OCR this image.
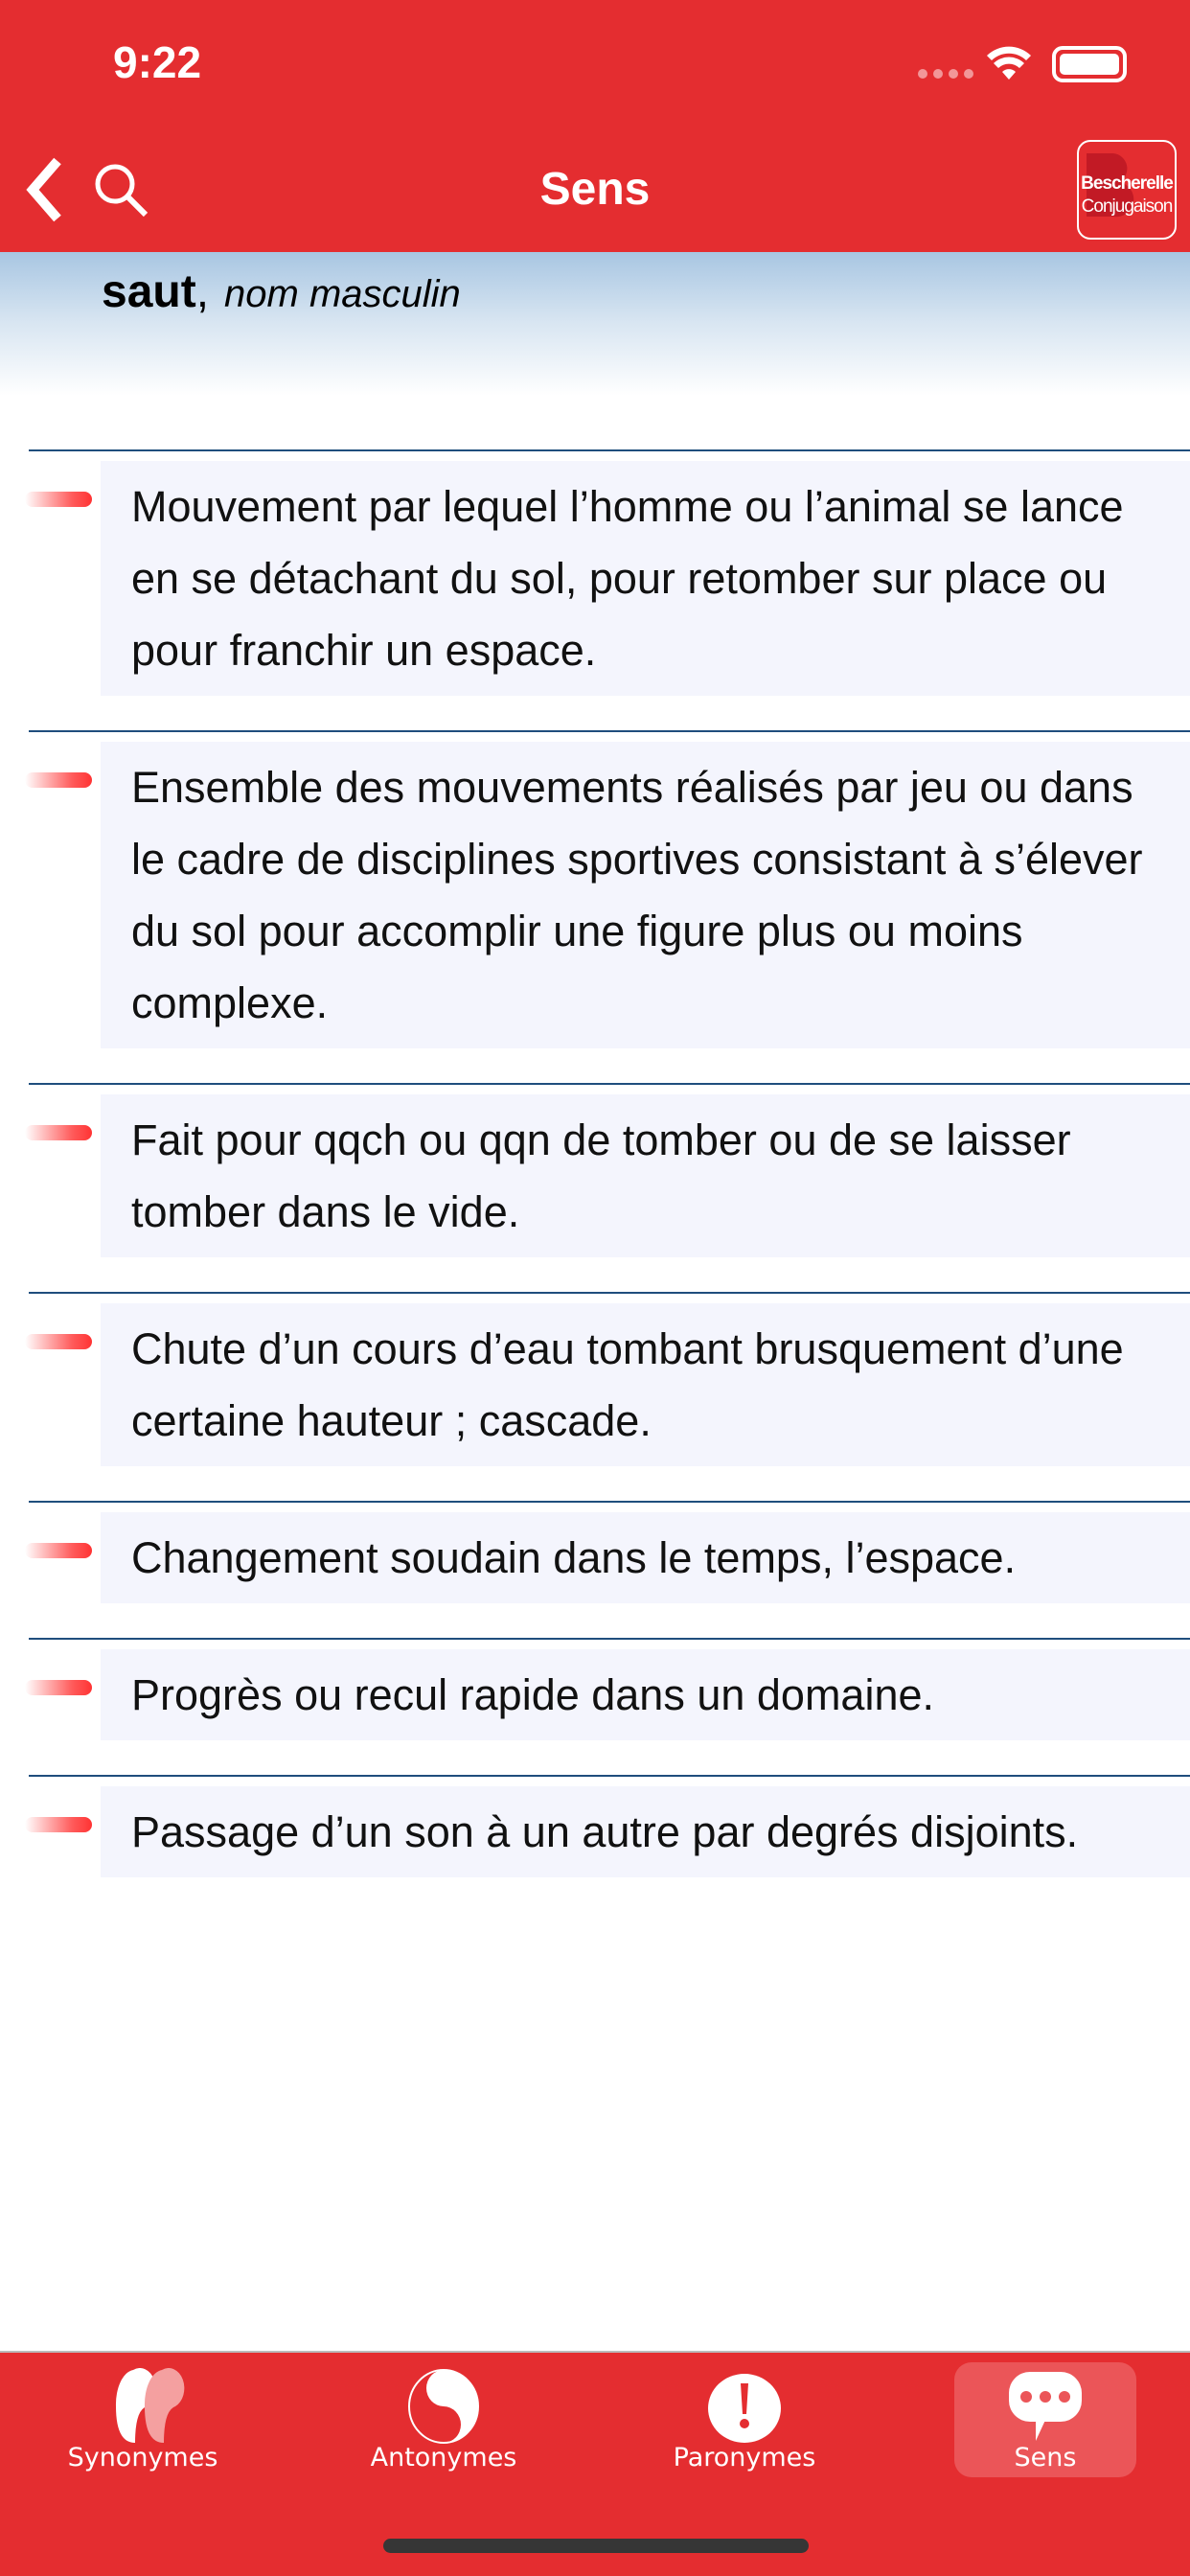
9:22
Sens	Bescherelle
Conjugaison
saut, nom masculin
Mouvement par lequel l’homme ou l’animal se lance en se détachant du sol, pour retomber sur place ou pour franchir un espace.
Ensemble des mouvements réalisés par jeu ou dans le cadre de disciplines sportives consistant à s’élever du sol pour accomplir une figure plus ou moins complexe.
Fait pour qqch ou qqn de tomber ou de se laisser tomber dans le vide.
Chute d’un cours d’eau tombant brusquement d’une certaine hauteur ; cascade.
Changement soudain dans le temps, l’espace.
Progrès ou recul rapide dans un domaine.
Passage d’un son à un autre par degrés disjoints.
Synonymes	Antonymes	Paronymes	Sens
